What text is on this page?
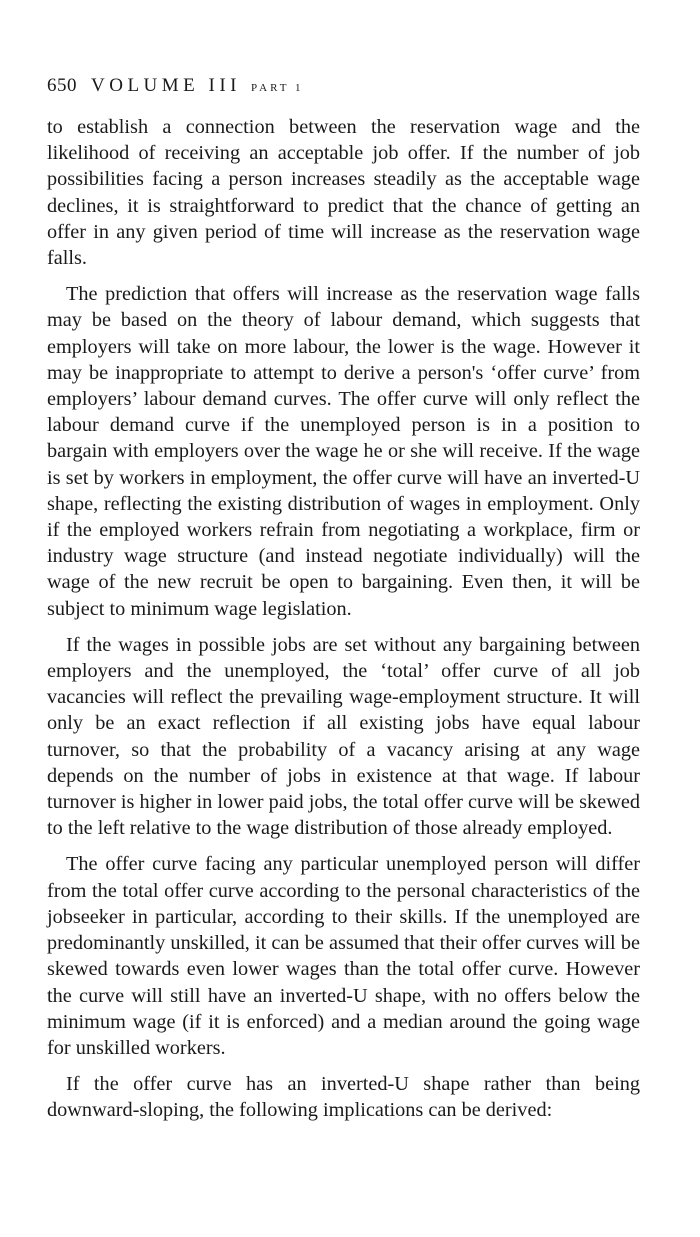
650 VOLUME III PART 1

to establish a connection between the reservation wage and the likelihood of receiving an acceptable job offer. If the number of job possibilities facing a person increases steadily as the acceptable wage declines, it is straightforward to predict that the chance of getting an offer in any given period of time will increase as the reservation wage falls.

The prediction that offers will increase as the reservation wage falls may be based on the theory of labour demand, which suggests that employers will take on more labour, the lower is the wage. However it may be inappropriate to attempt to derive a person's ‘offer curve’ from employers’ labour demand curves. The offer curve will only reflect the labour demand curve if the unemployed person is in a position to bargain with employers over the wage he or she will receive. If the wage is set by workers in employment, the offer curve will have an inverted-U shape, reflecting the existing distribution of wages in employment. Only if the employed workers refrain from negotiating a workplace, firm or industry wage structure (and instead negotiate individually) will the wage of the new recruit be open to bargaining. Even then, it will be subject to minimum wage legislation.

If the wages in possible jobs are set without any bargaining between employers and the unemployed, the ‘total’ offer curve of all job vacancies will reflect the prevailing wage-employment structure. It will only be an exact reflection if all existing jobs have equal labour turnover, so that the probability of a vacancy arising at any wage depends on the number of jobs in existence at that wage. If labour turnover is higher in lower paid jobs, the total offer curve will be skewed to the left relative to the wage distribution of those already employed.

The offer curve facing any particular unemployed person will differ from the total offer curve according to the personal characteristics of the jobseeker in particular, according to their skills. If the unemployed are predominantly unskilled, it can be assumed that their offer curves will be skewed towards even lower wages than the total offer curve. However the curve will still have an inverted-U shape, with no offers below the minimum wage (if it is enforced) and a median around the going wage for unskilled workers.

If the offer curve has an inverted-U shape rather than being downward-sloping, the following implications can be derived:
